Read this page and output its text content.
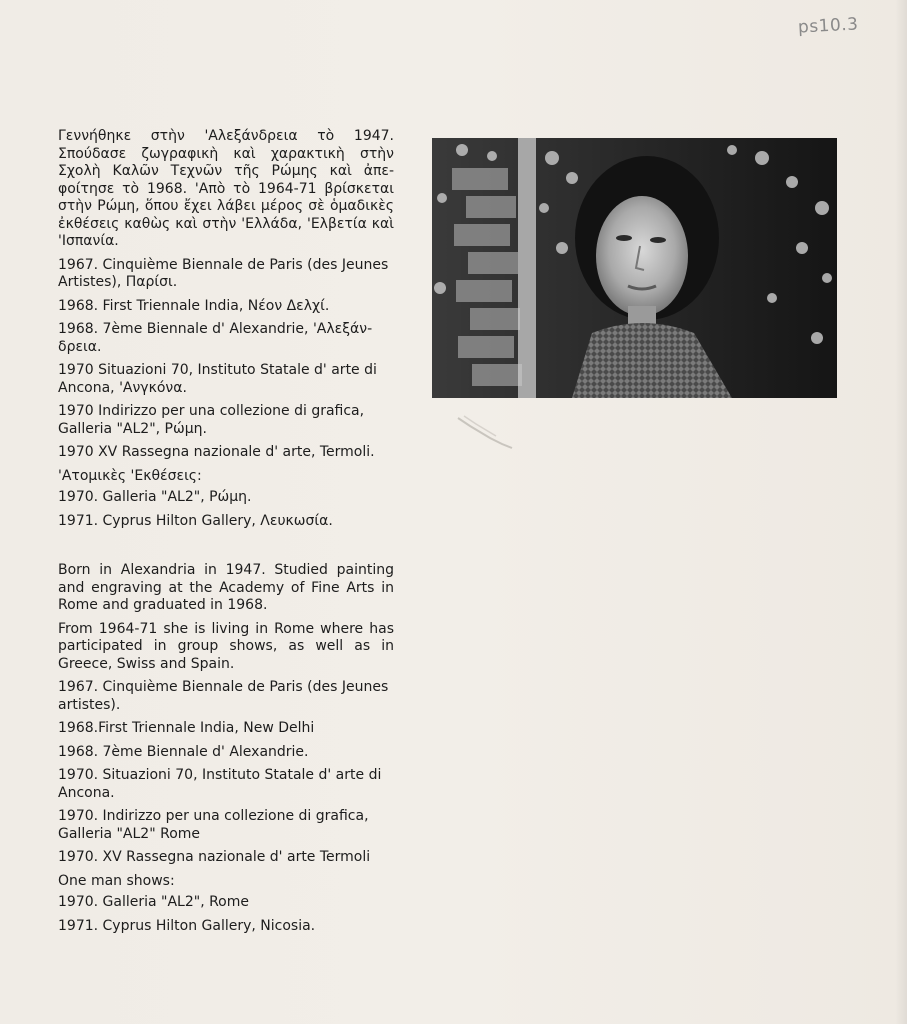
ps10.3

Γεννήθηκε στὴν 'Αλεξάνδρεια τὸ 1947. Σπούδασε ζωγραφικὴ καὶ χαρακτικὴ στὴν Σχολὴ Καλῶν Τεχνῶν τῆς Ρώμης καὶ ἀπε- φοίτησε τὸ 1968. 'Απὸ τὸ 1964-71 βρίσκεται στὴν Ρώμη, ὅπου ἔχει λάβει μέρος σὲ ὁμαδικὲς ἐκθέσεις καθὼς καὶ στὴν 'Ελλάδα, 'Ελβετία καὶ 'Ισπανία.

1967. Cinquième Biennale de Paris (des Jeunes Artistes), Παρίσι.

1968. First Triennale India, Νέον Δελχί.

1968. 7ème Biennale d' Alexandrie, 'Αλεξάν- δρεια.

1970 Situazioni 70, Instituto Statale d' arte di Ancona, 'Ανγκόνα.

1970 Indirizzo per una collezione di grafica, Galleria "AL2", Ρώμη.

1970 XV Rassegna nazionale d' arte, Termoli.

'Ατομικὲς 'Εκθέσεις:

1970. Galleria "AL2", Ρώμη.

1971. Cyprus Hilton Gallery, Λευκωσία.

Born in Alexandria in 1947. Studied painting and engraving at the Academy of Fine Arts in Rome and graduated in 1968.

From 1964-71 she is living in Rome where has participated in group shows, as well as in Greece, Swiss and Spain.

1967. Cinquième Biennale de Paris (des Jeunes artistes).

1968.First Triennale India, New Delhi

1968. 7ème Biennale d' Alexandrie.

1970. Situazioni 70, Instituto Statale d' arte di Ancona.

1970. Indirizzo per una collezione di grafica, Galleria "AL2" Rome

1970. XV Rassegna nazionale d' arte Termoli

One man shows:

1970. Galleria "AL2", Rome

1971. Cyprus Hilton Gallery, Nicosia.
